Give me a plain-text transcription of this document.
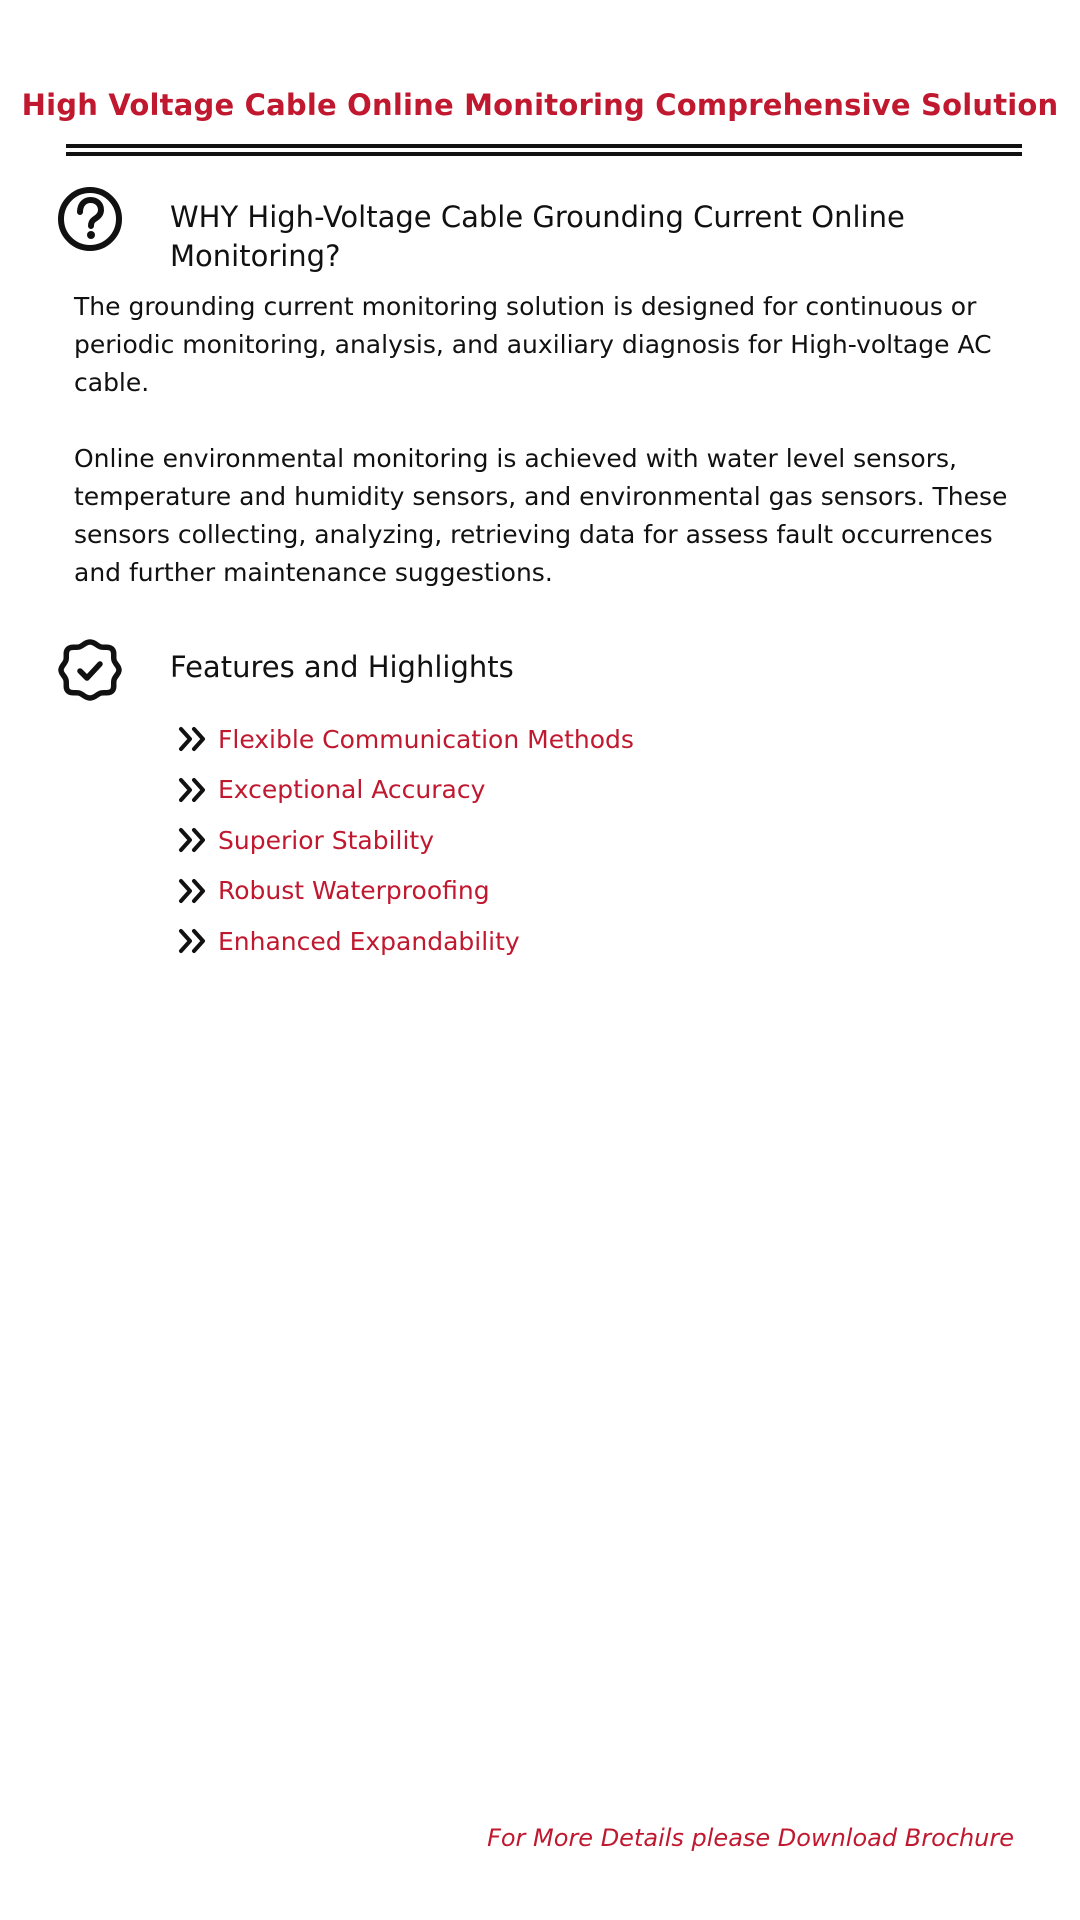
High Voltage Cable Online Monitoring Comprehensive Solution
WHY High-Voltage Cable Grounding Current Online Monitoring?

The grounding current monitoring solution is designed for continuous or periodic monitoring, analysis, and auxiliary diagnosis for High-voltage AC cable.

Online environmental monitoring is achieved with water level sensors, temperature and humidity sensors, and environmental gas sensors. These sensors collecting, analyzing, retrieving data for assess fault occurrences and further maintenance suggestions.

Features and Highlights
Flexible Communication Methods
Exceptional Accuracy
Superior Stability
Robust Waterproofing
Enhanced Expandability
For More Details please Download Brochure
